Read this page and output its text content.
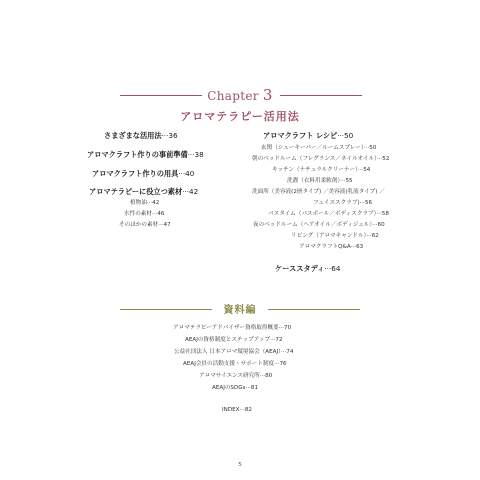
Chapter 3
アロマテラピー活用法
さまざまな活用法···36
アロマクラフト作りの事前準備···38
アロマクラフト作りの用具···40
アロマテラピーに役立つ素材···42
植物油···42
水性の素材···46
そのほかの素材···47
アロマクラフト レシピ···50
玄関（シューキーパー／ルームスプレー）···50
朝のベッドルーム（フレグランス／ネイルオイル）···52
キッチン（ナチュラルクリーナー）···54
洗濯（衣料用柔軟剤）···55
洗面所（美容液(2層タイプ) ／美容液(乳液タイプ) ／
フェイススクラブ)···56
バスタイム（バスボール／ボディスクラブ）···58
夜のベッドルーム（ヘアオイル／ボディジェル）···60
リビング（アロマキャンドル）···62
アロマクラフトQ&A···63
ケーススタディ···64
資料編
アロマテラピーアドバイザー資格取得概要···70
AEAJの資格制度とステップアップ···72
公益社団法人 日本アロマ環境協会（AEAJ）···74
AEAJ会員の活動支援・サポート制度···76
アロマサイエンス研究所···80
AEAJのSDGs···81
INDEX···82
5
